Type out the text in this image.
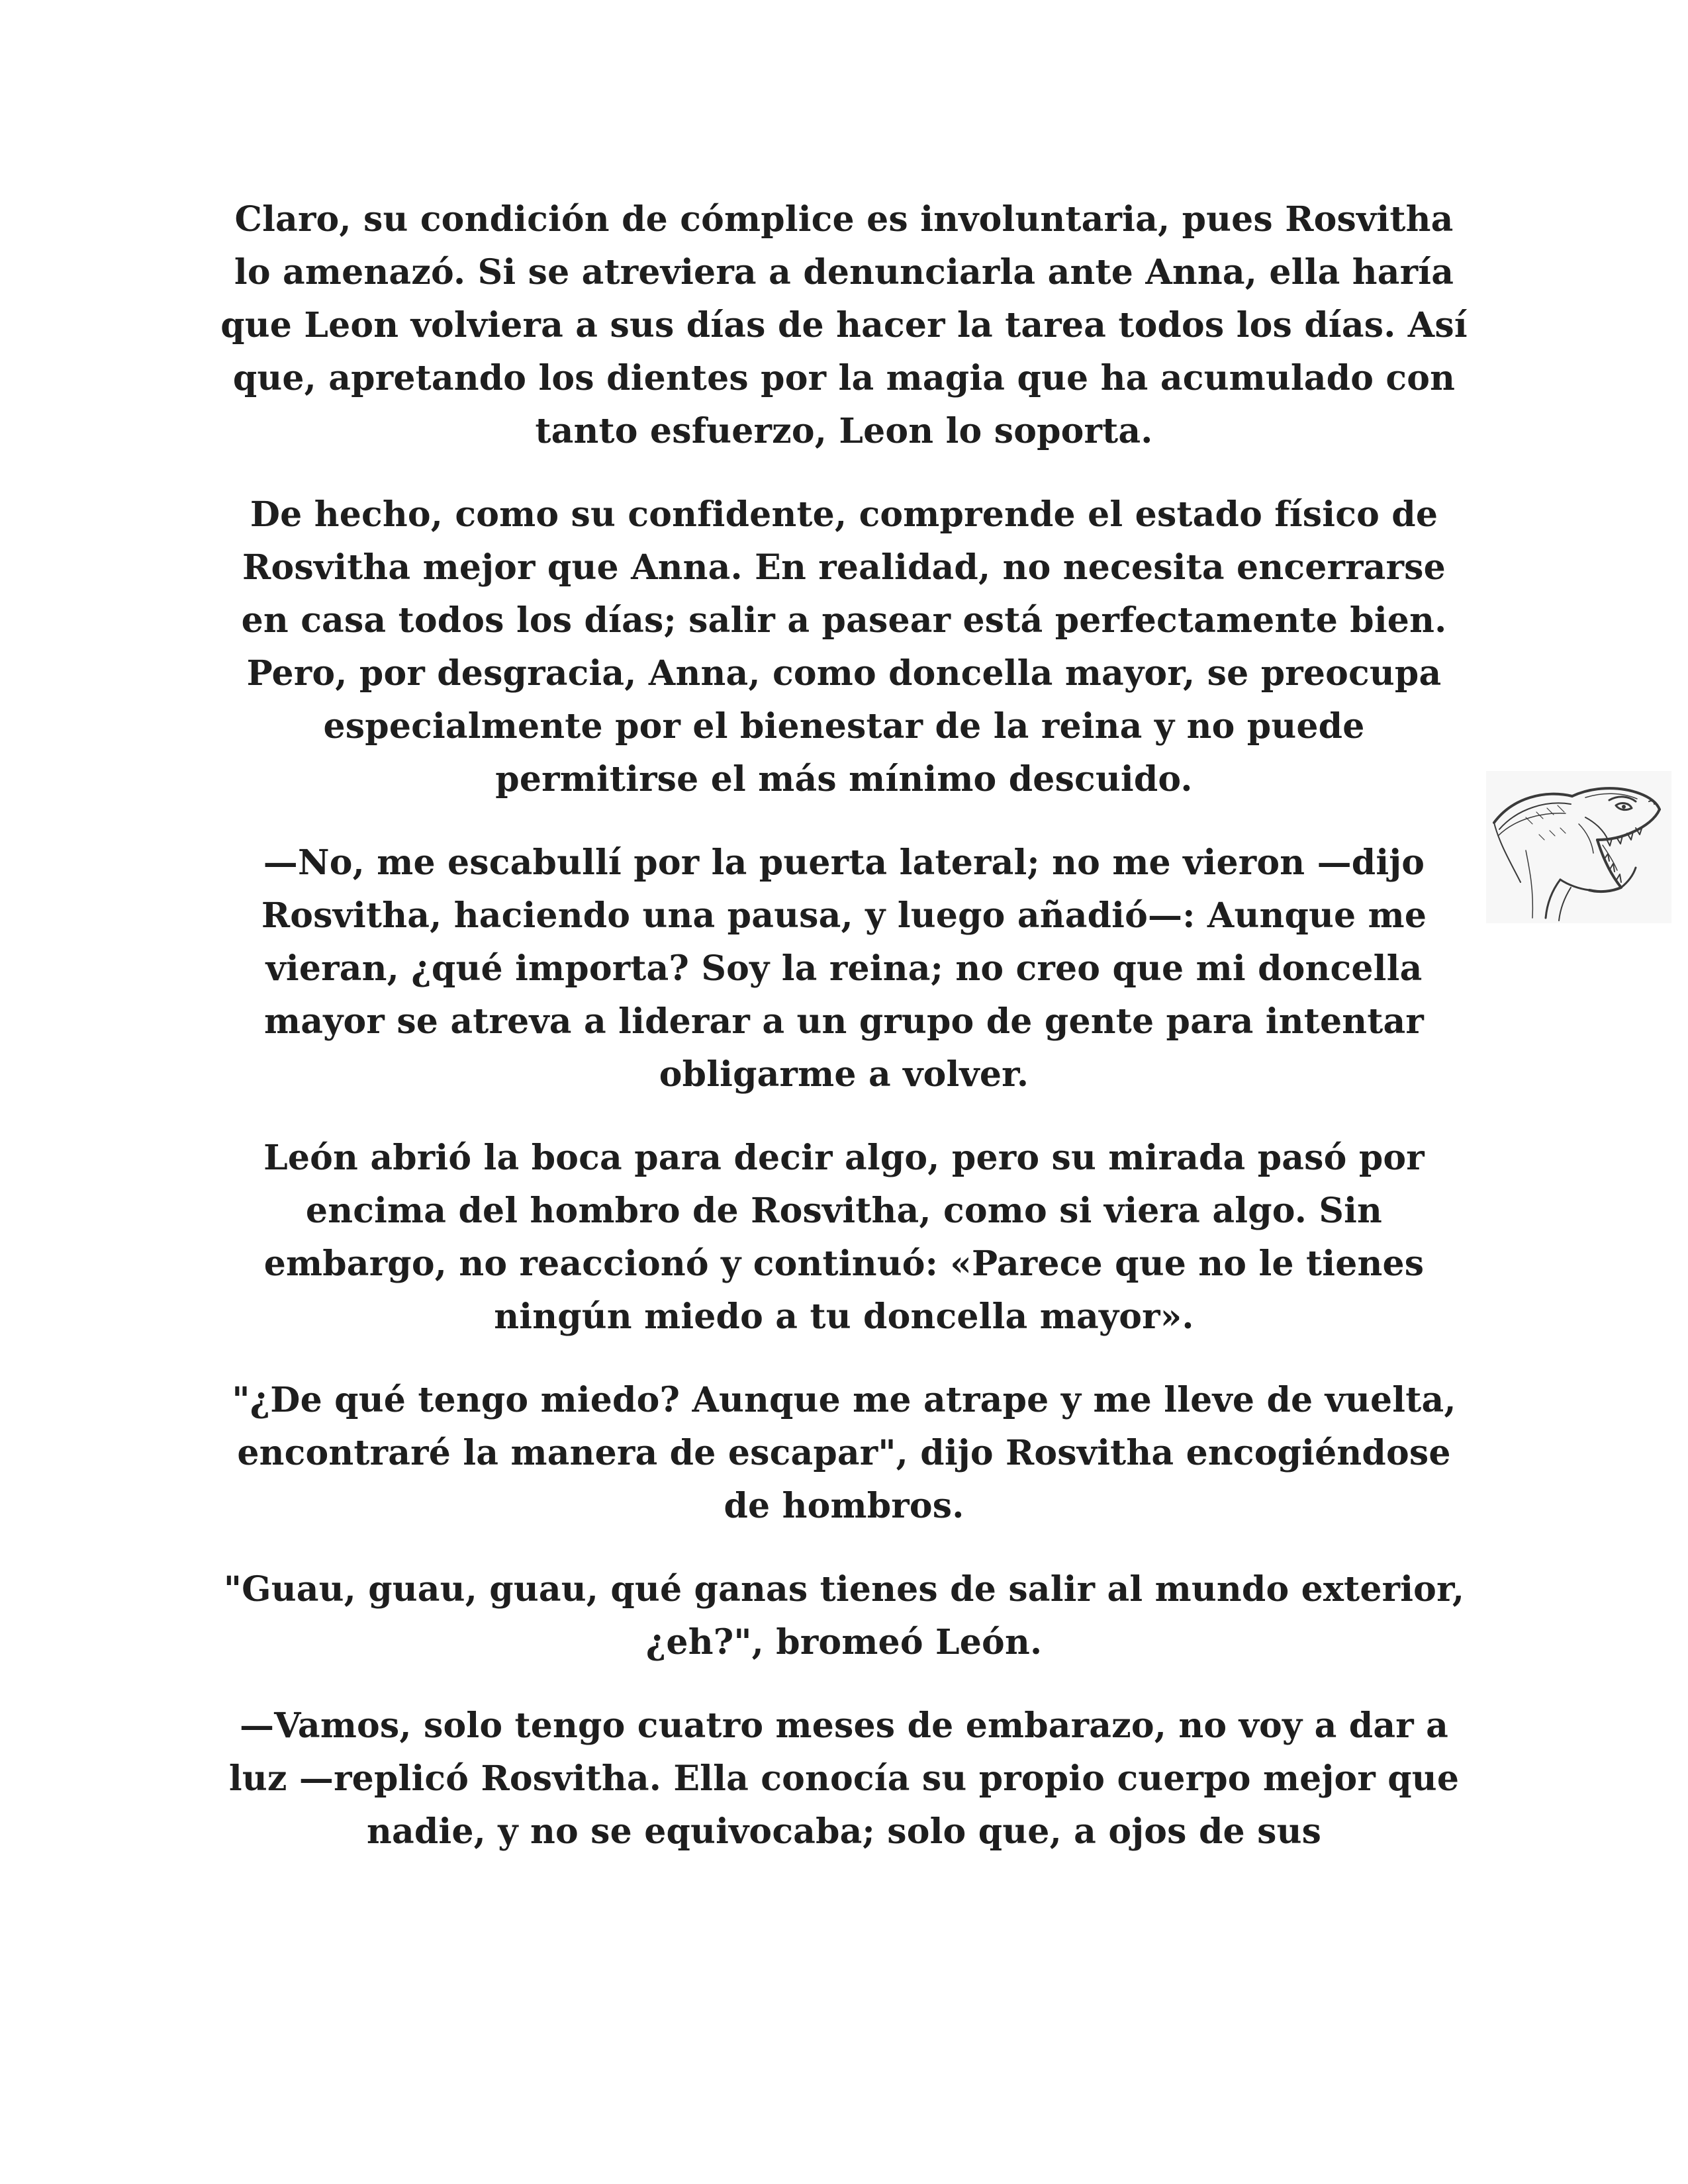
Claro, su condición de cómplice es involuntaria, pues Rosvitha lo amenazó. Si se atreviera a denunciarla ante Anna, ella haría que Leon volviera a sus días de hacer la tarea todos los días. Así que, apretando los dientes por la magia que ha acumulado con tanto esfuerzo, Leon lo soporta.

De hecho, como su confidente, comprende el estado físico de Rosvitha mejor que Anna. En realidad, no necesita encerrarse en casa todos los días; salir a pasear está perfectamente bien. Pero, por desgracia, Anna, como doncella mayor, se preocupa especialmente por el bienestar de la reina y no puede permitirse el más mínimo descuido.

—No, me escabullí por la puerta lateral; no me vieron —dijo Rosvitha, haciendo una pausa, y luego añadió—: Aunque me vieran, ¿qué importa? Soy la reina; no creo que mi doncella mayor se atreva a liderar a un grupo de gente para intentar obligarme a volver.

León abrió la boca para decir algo, pero su mirada pasó por encima del hombro de Rosvitha, como si viera algo. Sin embargo, no reaccionó y continuó: «Parece que no le tienes ningún miedo a tu doncella mayor».

"¿De qué tengo miedo? Aunque me atrape y me lleve de vuelta, encontraré la manera de escapar", dijo Rosvitha encogiéndose de hombros.

"Guau, guau, guau, qué ganas tienes de salir al mundo exterior, ¿eh?", bromeó León.

—Vamos, solo tengo cuatro meses de embarazo, no voy a dar a luz —replicó Rosvitha. Ella conocía su propio cuerpo mejor que nadie, y no se equivocaba; solo que, a ojos de sus
